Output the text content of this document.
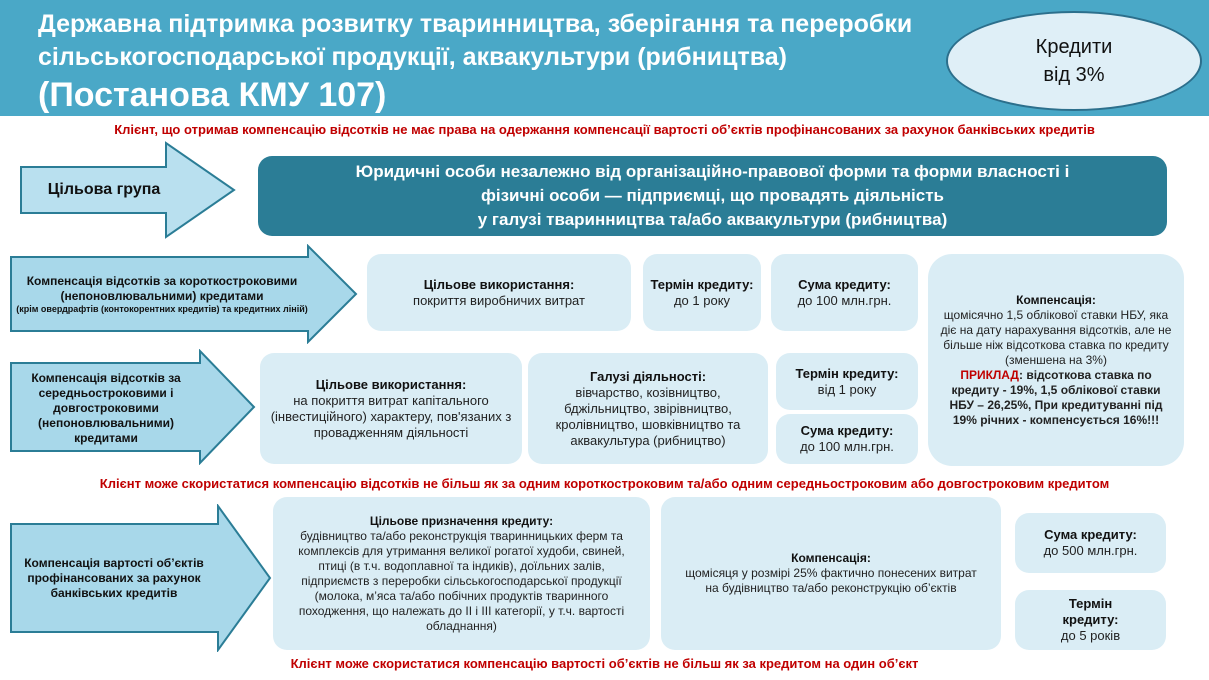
Державна підтримка розвитку тваринництва, зберігання та переробки
сільськогосподарської продукції, аквакультури (рибництва)
(Постанова КМУ 107)
Кредити
від 3%
Клієнт, що отримав компенсацію відсотків не має права на одержання компенсації вартості об’єктів профінансованих за рахунок банківських кредитів
Цільова група
Юридичні особи незалежно від організаційно-правової форми та форми власності і
фізичні особи — підприємці, що провадять діяльність
у галузі тваринництва та/або аквакультури (рибництва)
Компенсація відсотків за короткостроковими (непоновлювальними) кредитами
(крім овердрафтів (контокорентних кредитів) та кредитних ліній)
Цільове використання:
покриття виробничих витрат
Термін кредиту:
до 1 року
Сума кредиту:
до 100 млн.грн.	Компенсація:
щомісячно 1,5 облікової ставки НБУ, яка діє на дату нарахування відсотків, але не більше ніж відсоткова ставка по кредиту (зменшена на 3%)
ПРИКЛАД: відсоткова ставка по кредиту - 19%, 1,5 облікової ставки НБУ – 26,25%, При кредитуванні під 19% річних - компенсується 16%!!!
Компенсація відсотків за середньостроковими і довгостроковими (непоновлювальними) кредитами
Цільове використання:
на покриття витрат капітального (інвестиційного) характеру, пов'язаних з провадженням діяльності
Галузі діяльності:
вівчарство, козівництво, бджільництво, звірівництво, кролівництво, шовківництво та аквакультура (рибництво)
Термін кредиту:
від 1 року
Сума кредиту:
до 100 млн.грн.
Клієнт може скористатися компенсацію відсотків не більш як за одним короткостроковим та/або одним середньостроковим або довгостроковим кредитом
Компенсація вартості об’єктів профінансованих за рахунок банківських кредитів
Цільове призначення кредиту:
будівництво та/або реконструкція тваринницьких ферм та комплексів для утримання великої рогатої худоби, свиней, птиці (в т.ч. водоплавної та індиків), доїльних залів, підприємств з переробки сільськогосподарської продукції (молока, м’яса та/або побічних продуктів тваринного походження, що належать до II і III категорії, у т.ч. вартості обладнання)
Компенсація:
щомісяця у розмірі 25% фактично понесених витрат на будівництво та/або реконструкцію об’єктів
Сума кредиту:
до 500 млн.грн.
Термін кредиту:
до 5 років
Клієнт може скористатися компенсацію вартості об’єктів не більш як за кредитом на один об’єкт
